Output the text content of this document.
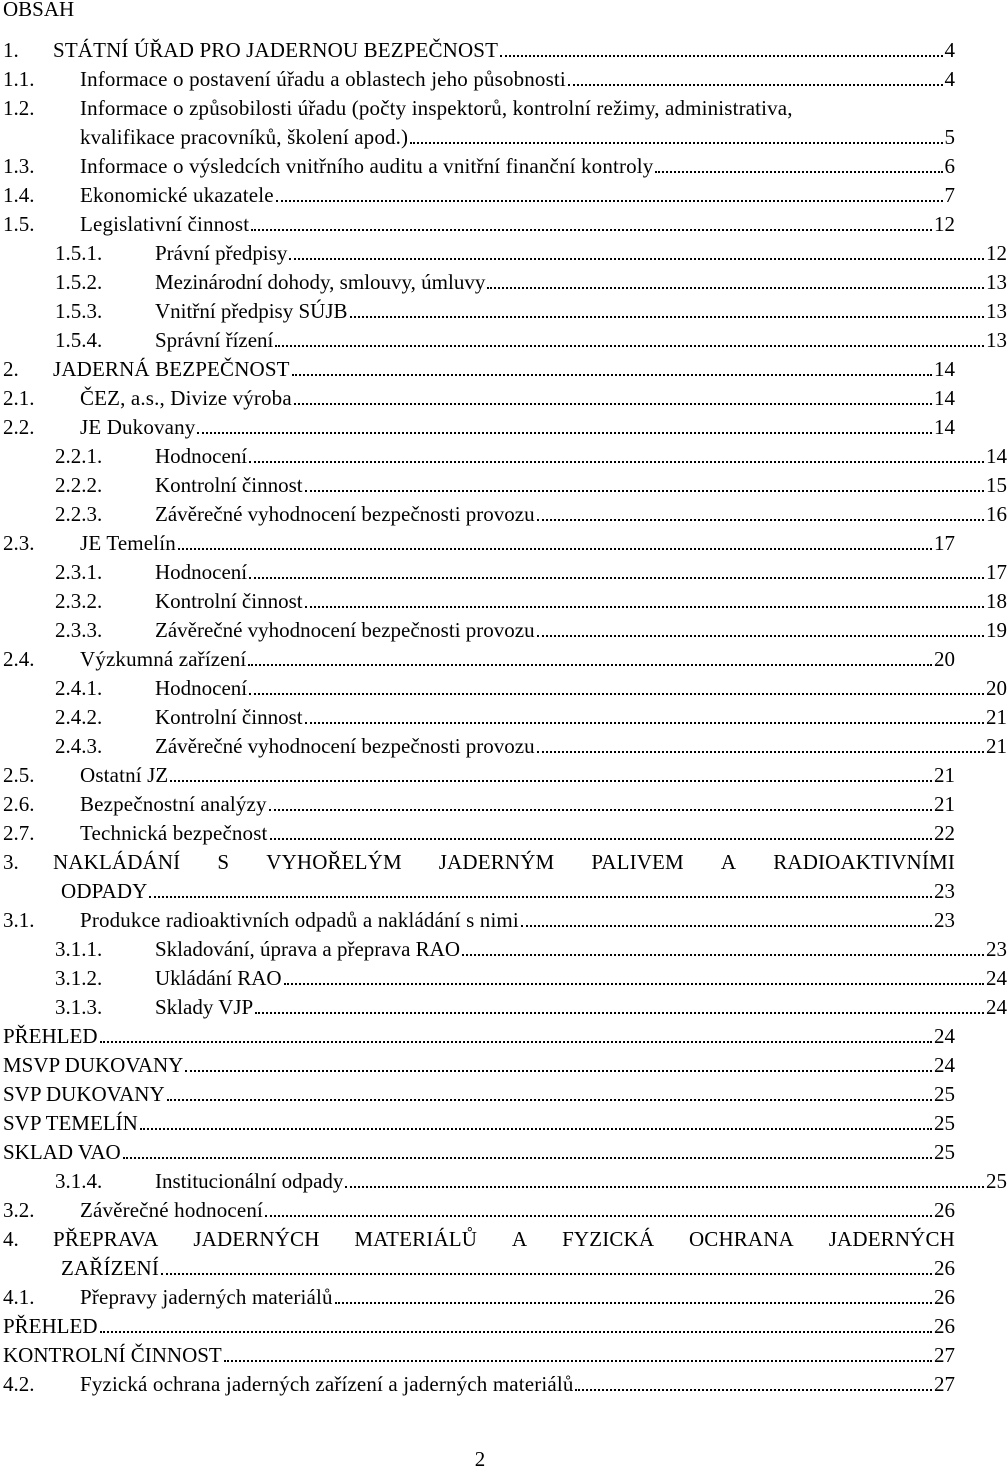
OBSAH
1.	STÁTNÍ ÚŘAD PRO JADERNOU BEZPEČNOST	4
1.1.	Informace o postavení úřadu a oblastech jeho působnosti	4
1.2.	Informace o způsobilosti úřadu (počty inspektorů, kontrolní režimy, administrativa,
kvalifikace pracovníků, školení apod.)	5
1.3.	Informace o výsledcích vnitřního auditu a vnitřní finanční kontroly	6
1.4.	Ekonomické ukazatele	7
1.5.	Legislativní činnost	12
1.5.1.	Právní předpisy	12
1.5.2.	Mezinárodní dohody, smlouvy, úmluvy	13
1.5.3.	Vnitřní předpisy SÚJB	13
1.5.4.	Správní řízení	13
2.	JADERNÁ BEZPEČNOST	14
2.1.	ČEZ, a.s., Divize výroba	14
2.2.	JE Dukovany	14
2.2.1.	Hodnocení	14
2.2.2.	Kontrolní činnost	15
2.2.3.	Závěrečné vyhodnocení bezpečnosti provozu	16
2.3.	JE Temelín	17
2.3.1.	Hodnocení	17
2.3.2.	Kontrolní činnost	18
2.3.3.	Závěrečné vyhodnocení bezpečnosti provozu	19
2.4.	Výzkumná zařízení	20
2.4.1.	Hodnocení	20
2.4.2.	Kontrolní činnost	21
2.4.3.	Závěrečné vyhodnocení bezpečnosti provozu	21
2.5.	Ostatní JZ	21
2.6.	Bezpečnostní analýzy	21
2.7.	Technická bezpečnost	22
3.	NAKLÁDÁNÍ S VYHOŘELÝM JADERNÝM PALIVEM A RADIOAKTIVNÍMI
ODPADY	23
3.1.	Produkce radioaktivních odpadů a nakládání s nimi	23
3.1.1.	Skladování, úprava a přeprava RAO	23
3.1.2.	Ukládání RAO	24
3.1.3.	Sklady VJP	24
PŘEHLED	24
MSVP DUKOVANY	24
SVP DUKOVANY	25
SVP TEMELÍN	25
SKLAD VAO	25
3.1.4.	Institucionální odpady	25
3.2.	Závěrečné hodnocení	26
4.	PŘEPRAVA JADERNÝCH MATERIÁLŮ A FYZICKÁ OCHRANA JADERNÝCH
ZAŘÍZENÍ	26
4.1.	Přepravy jaderných materiálů	26
PŘEHLED	26
KONTROLNÍ ČINNOST	27
4.2.	Fyzická ochrana jaderných zařízení a jaderných materiálů	27
2
